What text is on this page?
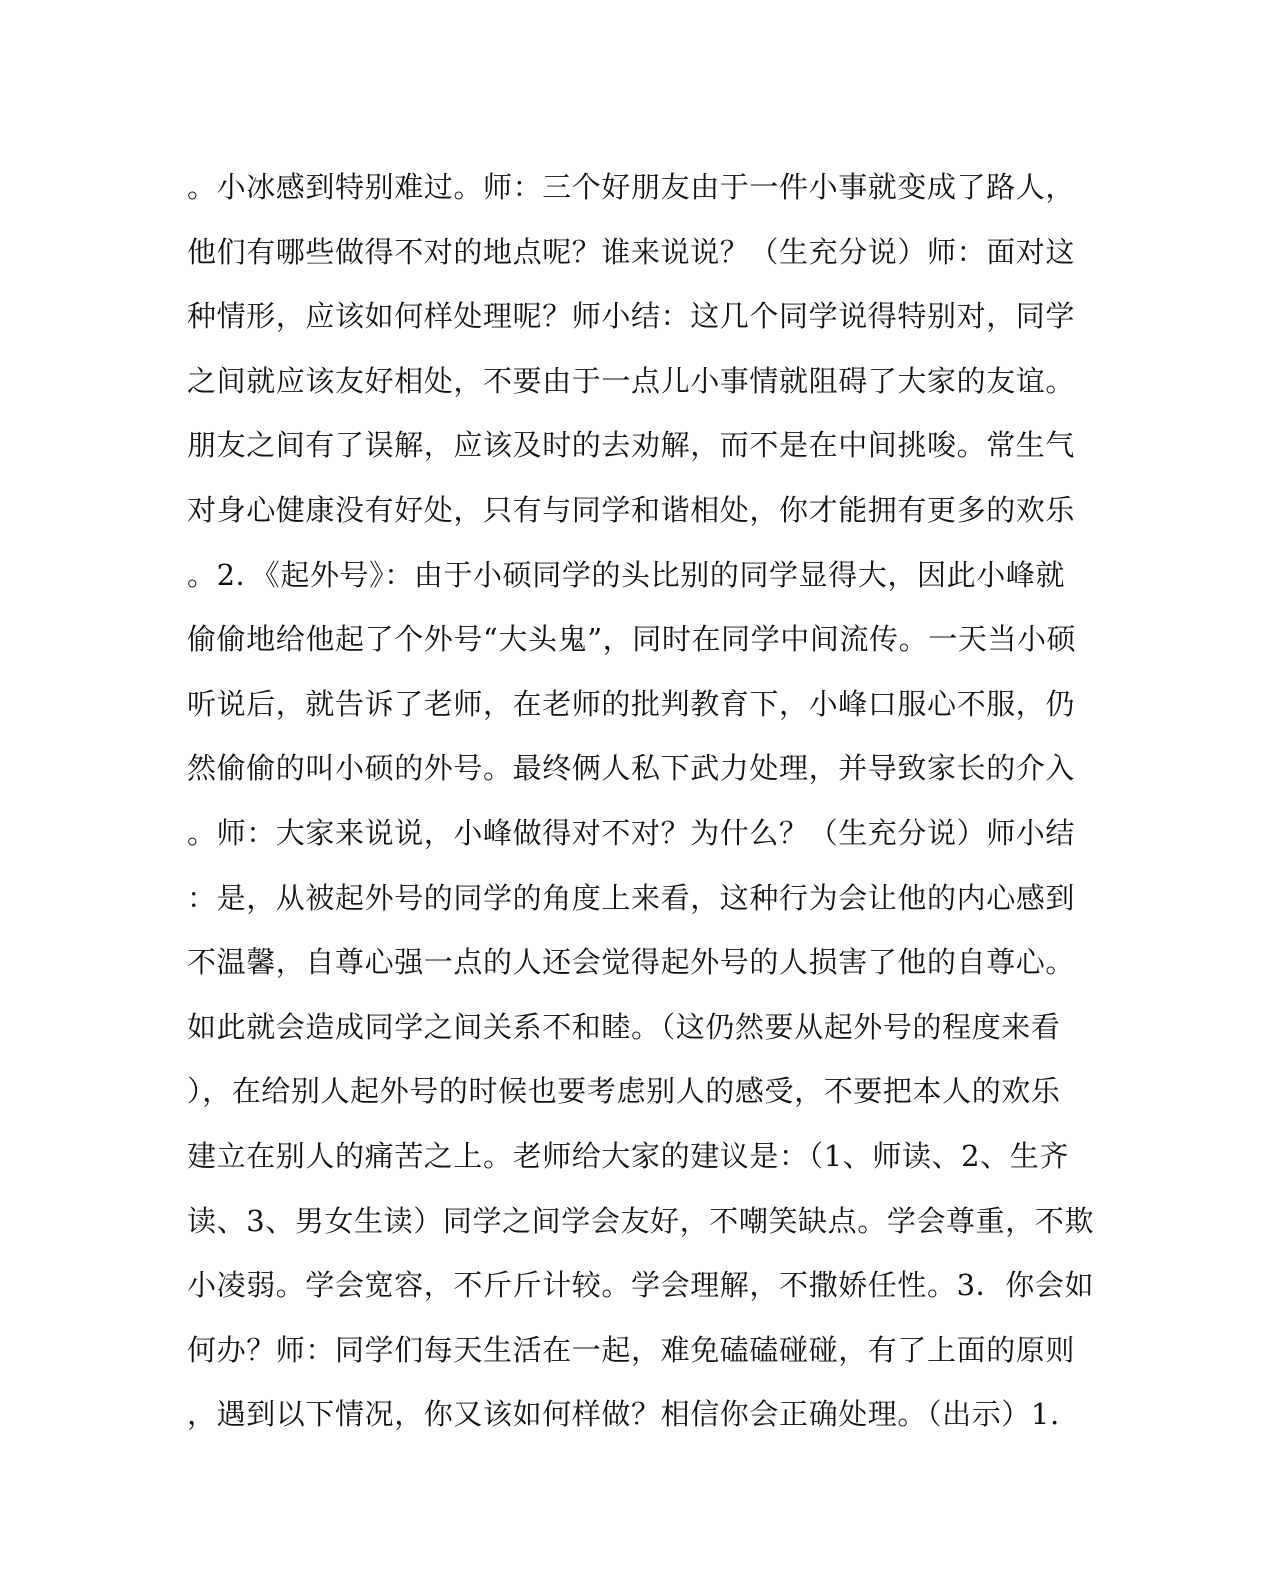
。小冰感到特别难过。师：三个好朋友由于一件小事就变成了路人，
他们有哪些做得不对的地点呢？谁来说说？（生充分说）师：面对这
种情形，应该如何样处理呢？师小结：这几个同学说得特别对，同学
之间就应该友好相处，不要由于一点儿小事情就阻碍了大家的友谊。
朋友之间有了误解，应该及时的去劝解，而不是在中间挑唆。常生气
对身心健康没有好处，只有与同学和谐相处，你才能拥有更多的欢乐
。2．《起外号》：由于小硕同学的头比别的同学显得大，因此小峰就
偷偷地给他起了个外号“大头鬼”，同时在同学中间流传。一天当小硕
听说后，就告诉了老师，在老师的批判教育下，小峰口服心不服，仍
然偷偷的叫小硕的外号。最终俩人私下武力处理，并导致家长的介入
。师：大家来说说，小峰做得对不对？为什么？（生充分说）师小结
：是，从被起外号的同学的角度上来看，这种行为会让他的内心感到
不温馨，自尊心强一点的人还会觉得起外号的人损害了他的自尊心。
如此就会造成同学之间关系不和睦。（这仍然要从起外号的程度来看
），在给别人起外号的时候也要考虑别人的感受，不要把本人的欢乐
建立在别人的痛苦之上。老师给大家的建议是：（1、师读、2、生齐
读、3、男女生读）同学之间学会友好，不嘲笑缺点。学会尊重，不欺
小凌弱。学会宽容，不斤斤计较。学会理解，不撒娇任性。3．你会如
何办？师：同学们每天生活在一起，难免磕磕碰碰，有了上面的原则
，遇到以下情况，你又该如何样做？相信你会正确处理。（出示）1.
